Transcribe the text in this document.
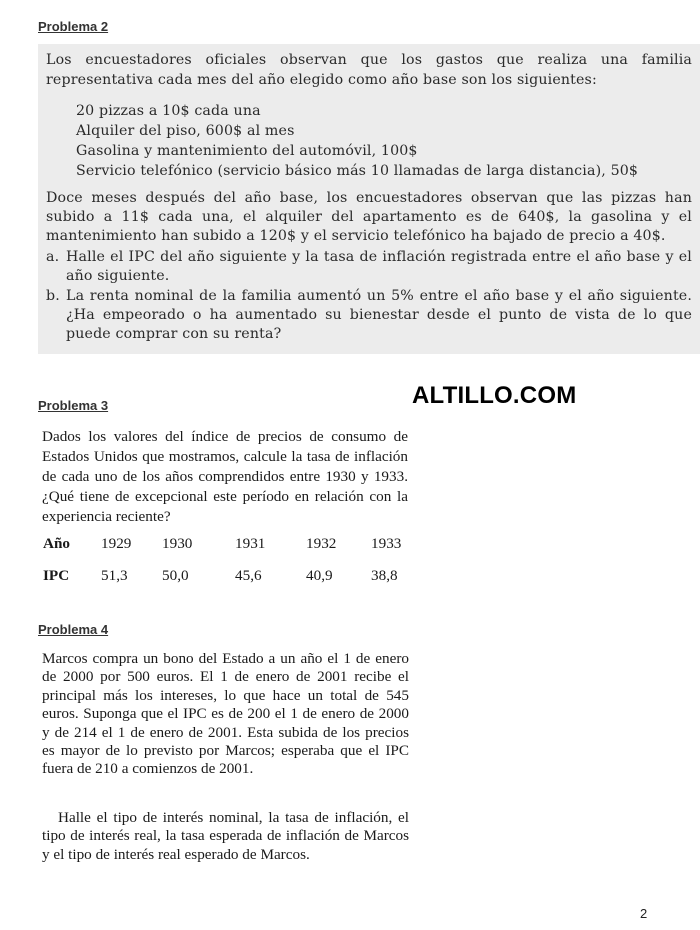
Problema 2
Los encuestadores oficiales observan que los gastos que realiza una familia representativa cada mes del año elegido como año base son los siguientes:
20 pizzas a 10$ cada una
Alquiler del piso, 600$ al mes
Gasolina y mantenimiento del automóvil, 100$
Servicio telefónico (servicio básico más 10 llamadas de larga distancia), 50$
Doce meses después del año base, los encuestadores observan que las pizzas han subido a 11$ cada una, el alquiler del apartamento es de 640$, la gasolina y el mantenimiento han subido a 120$ y el servicio telefónico ha bajado de precio a 40$.
a. Halle el IPC del año siguiente y la tasa de inflación registrada entre el año base y el año siguiente.
b. La renta nominal de la familia aumentó un 5% entre el año base y el año siguiente. ¿Ha empeorado o ha aumentado su bienestar desde el punto de vista de lo que puede comprar con su renta?
ALTILLO.COM
Problema 3
Dados los valores del índice de precios de consumo de Estados Unidos que mostramos, calcule la tasa de inflación de cada uno de los años comprendidos entre 1930 y 1933. ¿Qué tiene de excepcional este período en relación con la experiencia reciente?
Año 1929 1930	1931	1932 1933
IPC 51,3 50,0	45,6	40,9	38,8
Problema 4
Marcos compra un bono del Estado a un año el 1 de enero de 2000 por 500 euros. El 1 de enero de 2001 recibe el principal más los intereses, lo que hace un total de 545 euros. Suponga que el IPC es de 200 el 1 de enero de 2000 y de 214 el 1 de enero de 2001. Esta subida de los precios es mayor de lo previsto por Marcos; esperaba que el IPC fuera de 210 a comienzos de 2001.
Halle el tipo de interés nominal, la tasa de inflación, el tipo de interés real, la tasa esperada de inflación de Marcos y el tipo de interés real esperado de Marcos.
2
